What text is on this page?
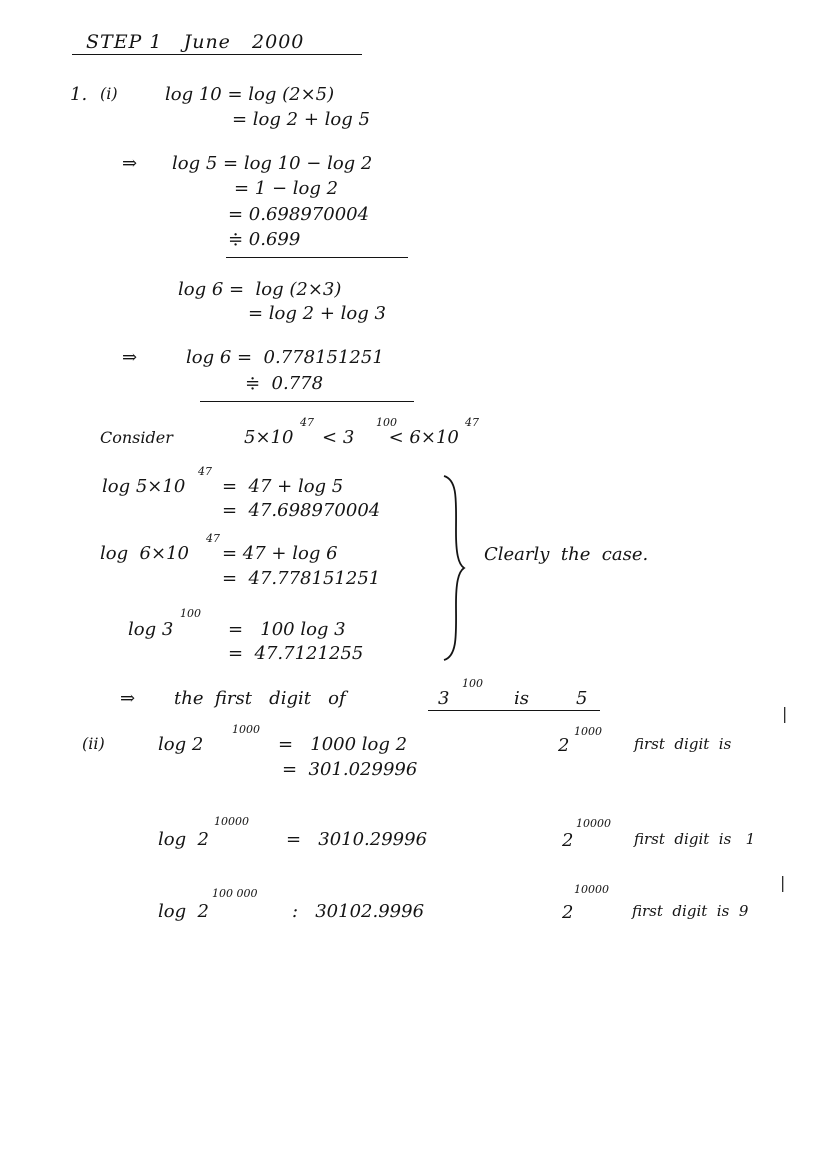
STEP 1   June   2000
1. (i)	log 10 = log (2×5)
= log 2 + log 5
⇒ log 5 = log 10 − log 2
= 1 − log 2
= 0.698970004
≑ 0.699
log 6 =  log (2×3)
= log 2 + log 3
⇒	log 6 =  0.778151251
≑  0.778
Consider	5×10     < 3      < 6×10
47	100	47
log 5×10
47
=  47 + log 5
=  47.698970004
log  6×10
47
= 47 + log 6
=  47.778151251
log 3
100
=   100 log 3
=  47.7121255
Clearly  the  case.
⇒ the  first   digit   of	3
100
is	5
(ii)	log 2
1000
=   1000 log 2
=  301.029996
2
1000
first  digit  is
log  2
10000
=   3010.29996	2
10000
first  digit  is   1
log  2
100 000
:   30102.9996	2
10000
first  digit  is  9
|
|
